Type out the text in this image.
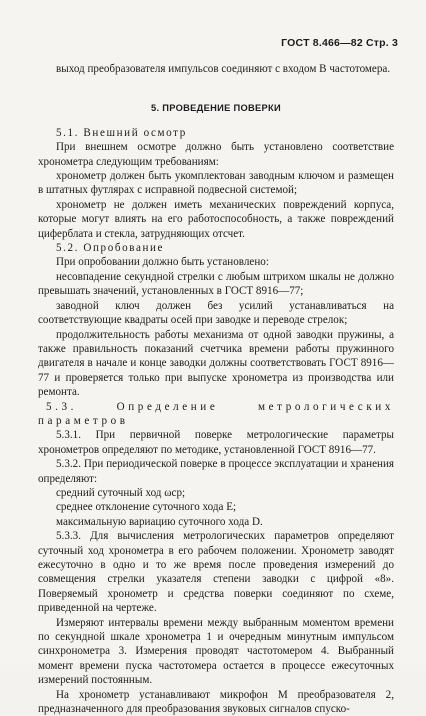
ГОСТ 8.466—82 Стр. 3

выход преобразователя импульсов соединяют с входом В частотомера.

5. ПРОВЕДЕНИЕ ПОВЕРКИ

5.1. Внешний осмотр

При внешнем осмотре должно быть установлено соответствие хронометра следующим требованиям:

хронометр должен быть укомплектован заводным ключом и размещен в штатных футлярах с исправной подвесной системой;

хронометр не должен иметь механических повреждений корпуса, которые могут влиять на его работоспособность, а также повреждений циферблата и стекла, затрудняющих отсчет.

5.2. Опробование

При опробовании должно быть установлено:

несовпадение секундной стрелки с любым штрихом шкалы не должно превышать значений, установленных в ГОСТ 8916—77;

заводной ключ должен без усилий устанавливаться на соответствующие квадраты осей при заводке и переводе стрелок;

продолжительность работы механизма от одной заводки пружины, а также правильность показаний счетчика времени работы пружинного двигателя в начале и конце заводки должны соответствовать ГОСТ 8916—77 и проверяется только при выпуске хронометра из производства или ремонта.

5.3. Определение метрологических параметров

5.3.1. При первичной поверке метрологические параметры хронометров определяют по методике, установленной ГОСТ 8916—77.

5.3.2. При периодической поверке в процессе эксплуатации и хранения определяют:

средний суточный ход ωср;

среднее отклонение суточного хода E;

максимальную вариацию суточного хода D.

5.3.3. Для вычисления метрологических параметров определяют суточный ход хронометра в его рабочем положении. Хронометр заводят ежесуточно в одно и то же время после проведения измерений до совмещения стрелки указателя степени заводки с цифрой «8». Поверяемый хронометр и средства поверки соединяют по схеме, приведенной на чертеже.

Измеряют интервалы времени между выбранным моментом времени по секундной шкале хронометра 1 и очередным минутным импульсом синхронометра 3. Измерения проводят частотомером 4. Выбранный момент времени пуска частотомера остается в процессе ежесуточных измерений постоянным.

На хронометр устанавливают микрофон M преобразователя 2, предназначенного для преобразования звуковых сигналов спуско-
